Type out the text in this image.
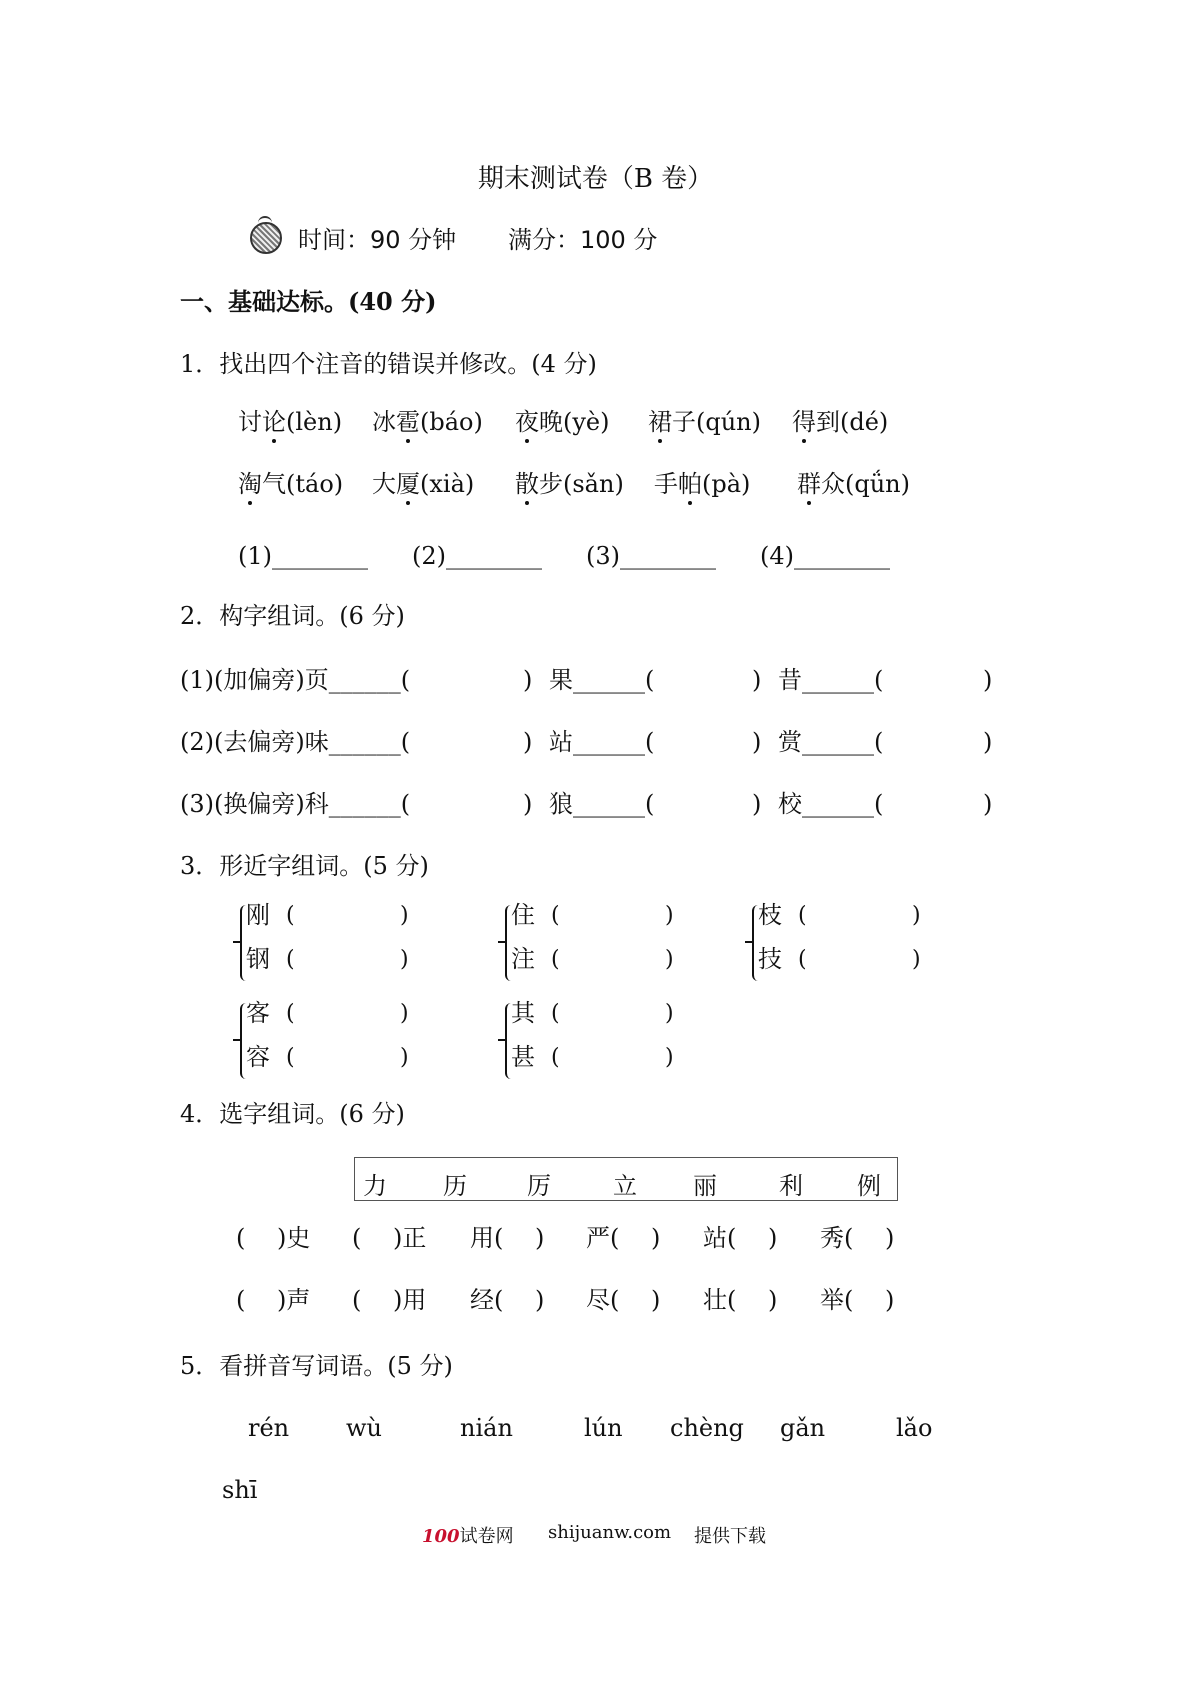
期末测试卷（B 卷）
时间：90 分钟 满分：100 分
一、基础达标。(40 分)
1．找出四个注音的错误并修改。(4 分)
讨论(lèn) 冰雹(báo) 夜晚(yè) 裙子(qún) 得到(dé)
淘气(táo) 大厦(xià) 散步(sǎn) 手帕(pà) 群众(qǘn)
(1)________ (2)________ (3)________ (4)________
2．构字组词。(6 分)
(1)(加偏旁)页______(	) 果______(	) 昔______(	)
(2)(去偏旁)味______(	) 站______(	) 赏______(	)
(3)(换偏旁)科______(	) 狼______(	) 校______(	)
3．形近字组词。(5 分)
刚 (	)
钢 (	)
住 (	)
注 (	)
枝 (	)
技 (	)
客 (	)
容 (	)
其 (	)
甚 (	)
4．选字组词。(6 分)
力 历	厉	立 丽	利 例
(　 )史 (　 )正 用(　 ) 严(　 ) 站(　 ) 秀(　 )
(　 )声 (　 )用 经(　 ) 尽(　 ) 壮(　 ) 举(　 )
5．看拼音写词语。(5 分)
rén wù	nián	lún chèng gǎn	lǎo
shī
100试卷网 shijuanw.com 提供下载
